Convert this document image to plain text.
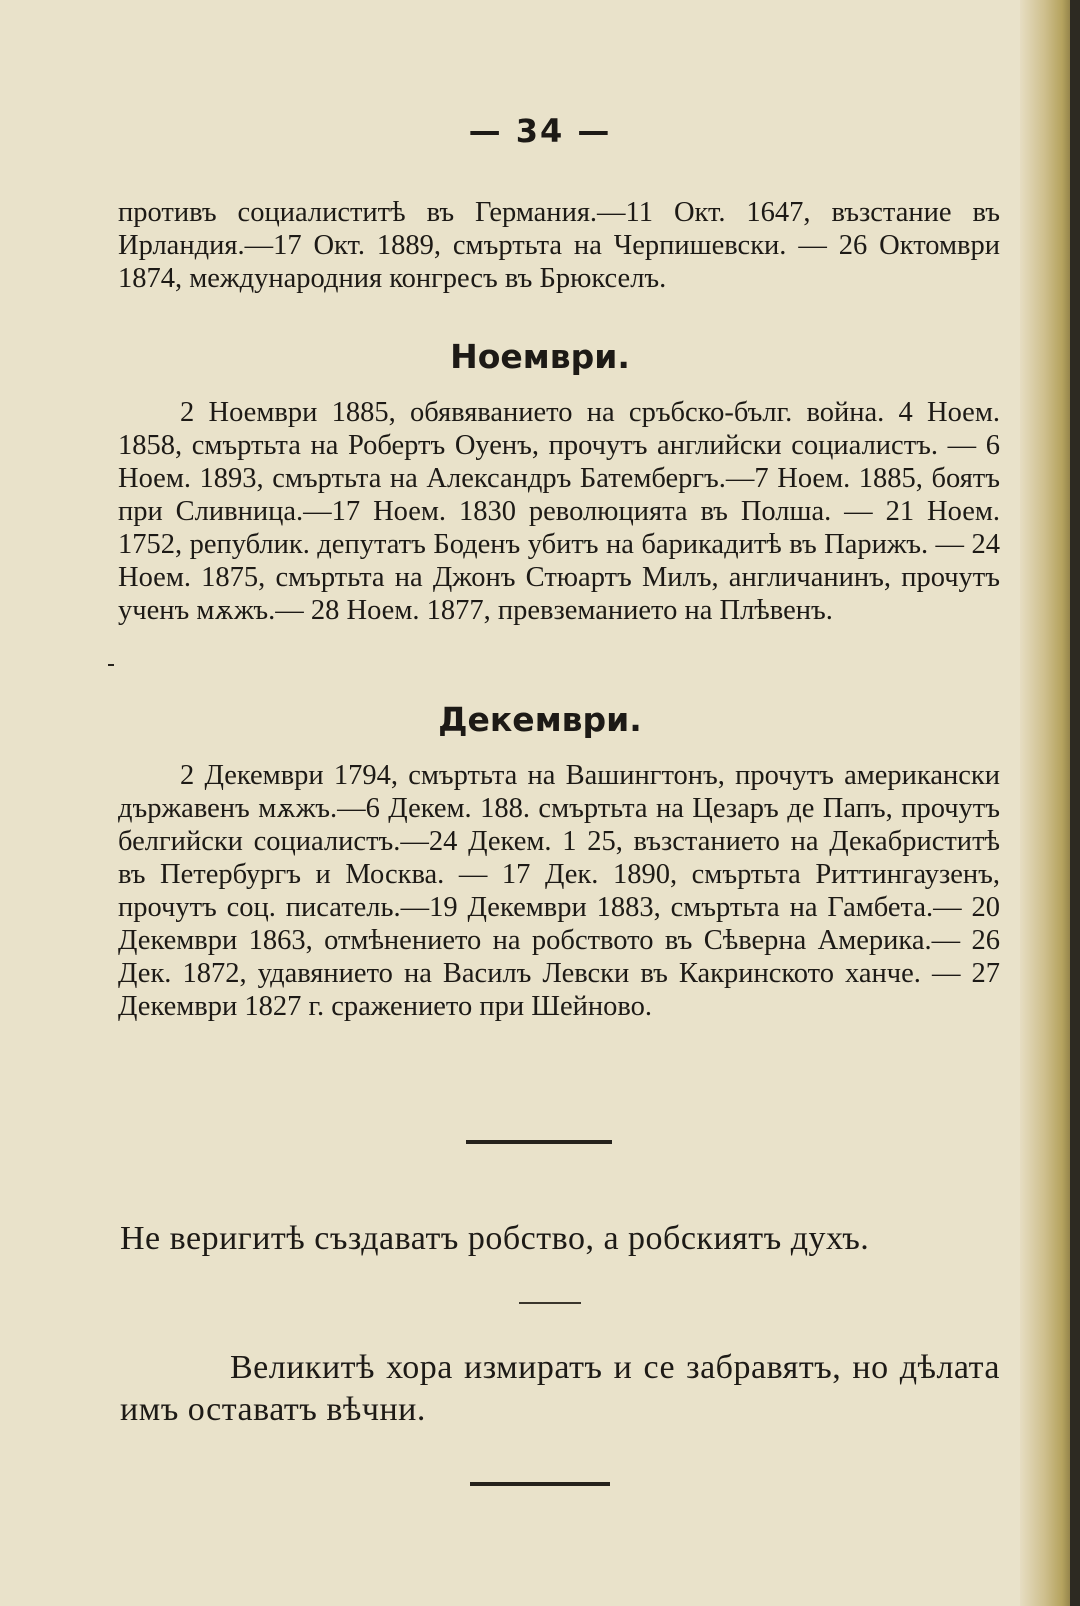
— 34 —

противъ социалиститѣ въ Германия.—11 Окт. 1647, възстание въ Ирландия.—17 Окт. 1889, смъртьта на Черпишевски. — 26 Октомври 1874, международния конгресъ въ Брюкселъ.

Ноември.

2 Ноември 1885, обявяванието на сръбско-бълг. война. 4 Ноем. 1858, смъртьта на Робертъ Оуенъ, прочутъ английски социалистъ. — 6 Ноем. 1893, смъртьта на Александръ Батембергъ.—7 Ноем. 1885, боятъ при Сливница.—17 Ноем. 1830 революцията въ Полша. — 21 Ноем. 1752, републик. депутатъ Боденъ убитъ на барикадитѣ въ Парижъ. — 24 Ноем. 1875, смъртьта на Джонъ Стюартъ Милъ, англичанинъ, прочутъ ученъ мѫжъ.— 28 Ноем. 1877, превземанието на Плѣвенъ.

Декември.

2 Декември 1794, смъртьта на Вашингтонъ, прочутъ американски държавенъ мѫжъ.—6 Декем. 188. смъртьта на Цезаръ де Папъ, прочутъ белгийски социалистъ.—24 Декем. 1 25, възстанието на Декабриститѣ въ Петербургъ и Москва. — 17 Дек. 1890, смъртьта Риттингаузенъ, прочутъ соц. писатель.—19 Декември 1883, смъртьта на Гамбета.— 20 Декември 1863, отмѣнението на робството въ Сѣверна Америка.— 26 Дек. 1872, удавянието на Василъ Левски въ Какринското ханче. — 27 Декември 1827 г. сражението при Шейново.

Не веригитѣ създаватъ робство, а робскиятъ духъ.
Великитѣ хора измиратъ и се забравятъ, но дѣлата имъ оставатъ вѣчни.
